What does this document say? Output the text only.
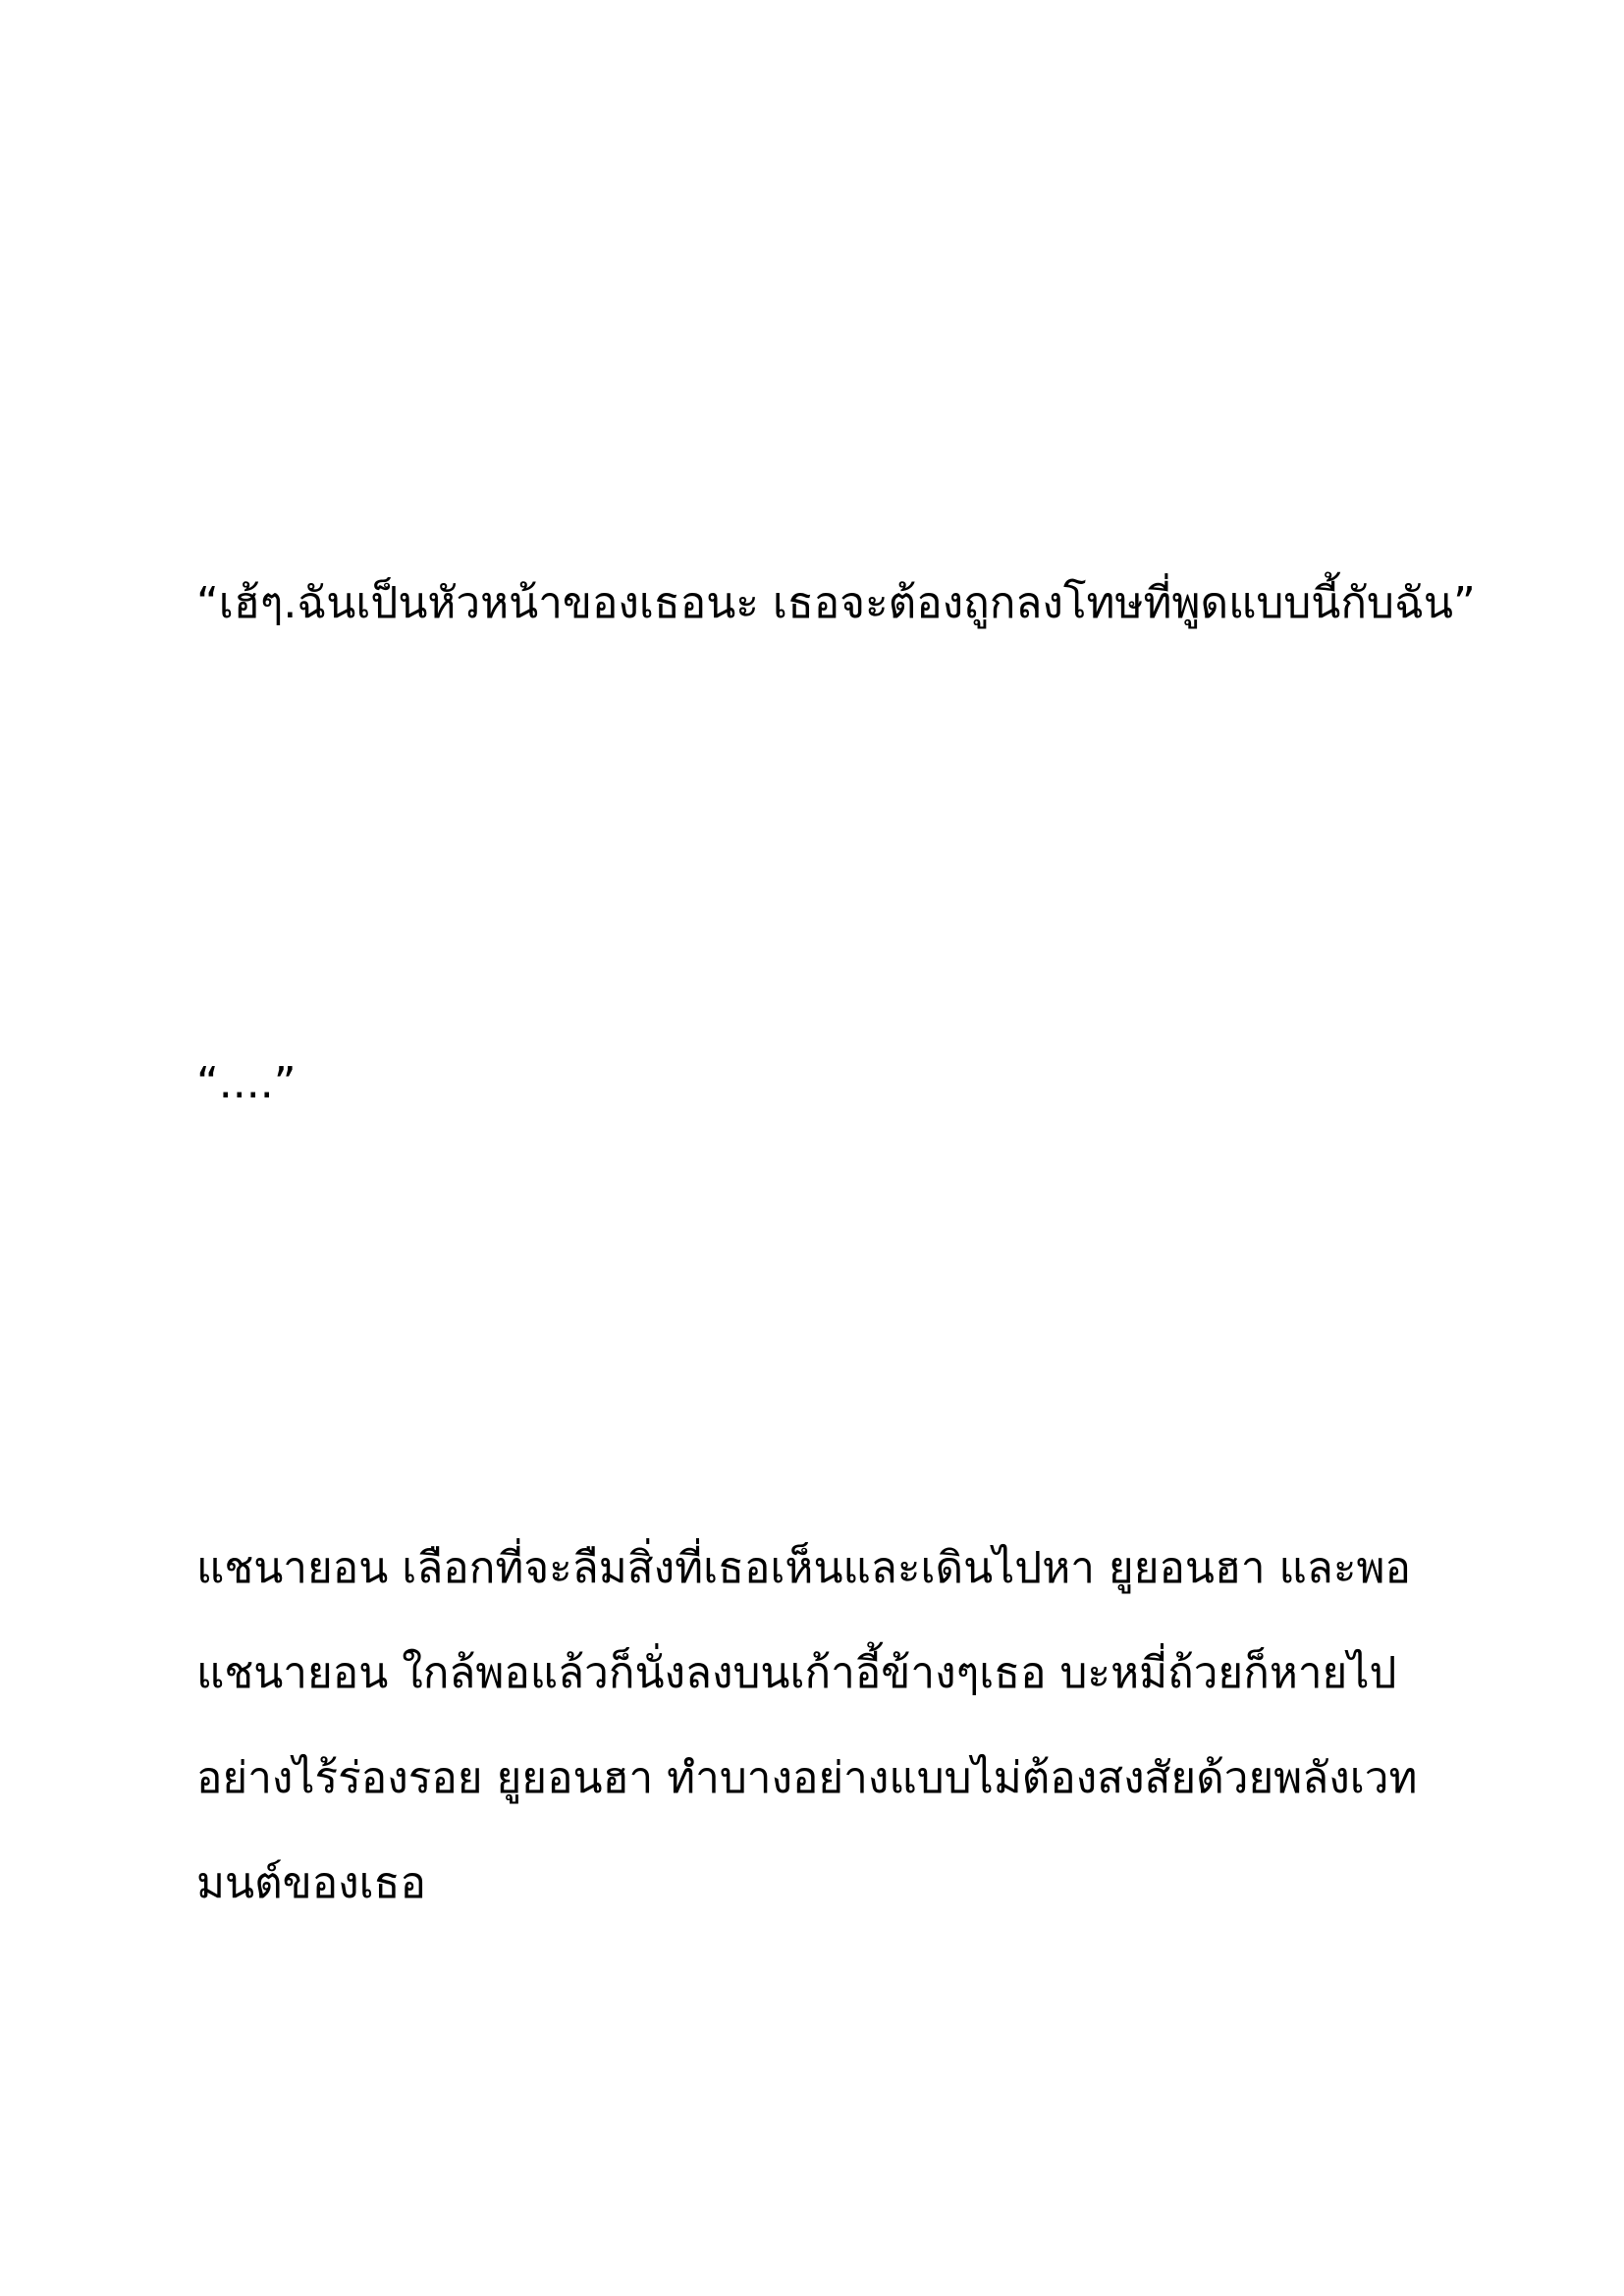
“เฮ้ๆ.ฉันเป็นหัวหน้าของเธอนะ เธอจะต้องถูกลงโทษที่พูดแบบนี้กับฉัน”
“....”
แชนายอน เลือกที่จะลืมสิ่งที่เธอเห็นและเดินไปหา ยูยอนฮา และพอ
แชนายอน ใกล้พอแล้วก็นั่งลงบนเก้าอี้ข้างๆเธอ บะหมี่ถ้วยก็หายไป
อย่างไร้ร่องรอย ยูยอนฮา ทำบางอย่างแบบไม่ต้องสงสัยด้วยพลังเวท
มนต์ของเธอ
